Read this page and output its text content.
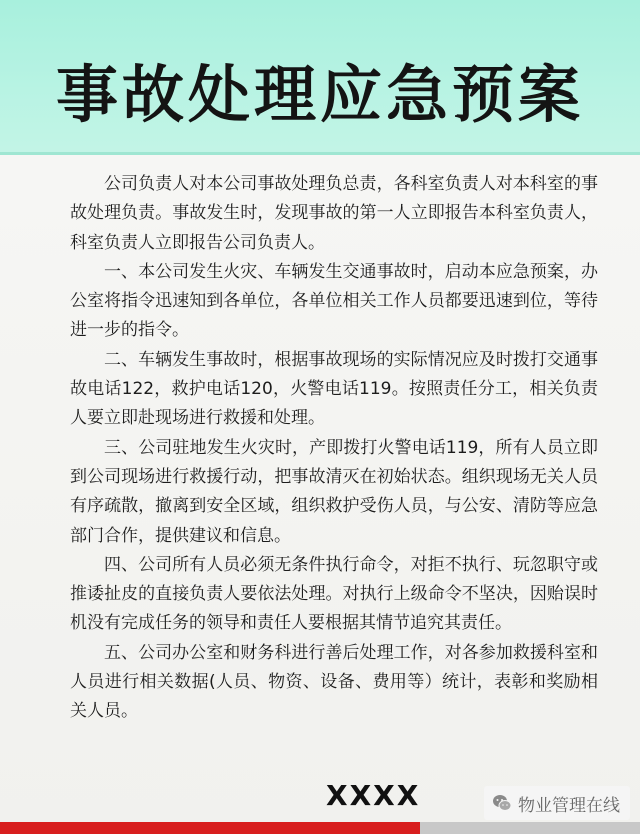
事故处理应急预案

公司负责人对本公司事故处理负总责，各科室负责人对本科室的事故处理负责。事故发生时，发现事故的第一人立即报告本科室负责人，科室负责人立即报告公司负责人。

一、本公司发生火灾、车辆发生交通事故时，启动本应急预案，办公室将指令迅速知到各单位，各单位相关工作人员都要迅速到位，等待进一步的指令。

二、车辆发生事故时，根据事故现场的实际情况应及时拨打交通事故电话122，救护电话120，火警电话119。按照责任分工，相关负责人要立即赴现场进行救援和处理。

三、公司驻地发生火灾时，产即拨打火警电话119，所有人员立即到公司现场进行救援行动，把事故清灭在初始状态。组织现场无关人员有序疏散，撤离到安全区域，组织救护受伤人员，与公安、清防等应急部门合作，提供建议和信息。

四、公司所有人员必须无条件执行命令，对拒不执行、玩忽职守或推诿扯皮的直接负责人要依法处理。对执行上级命令不坚决，因贻误时机没有完成任务的领导和责任人要根据其情节追究其责任。

五、公司办公室和财务科进行善后处理工作，对各参加救援科室和人员进行相关数据(人员、物资、设备、费用等）统计，表彰和奖励相关人员。

XXXX	物业管理在线
